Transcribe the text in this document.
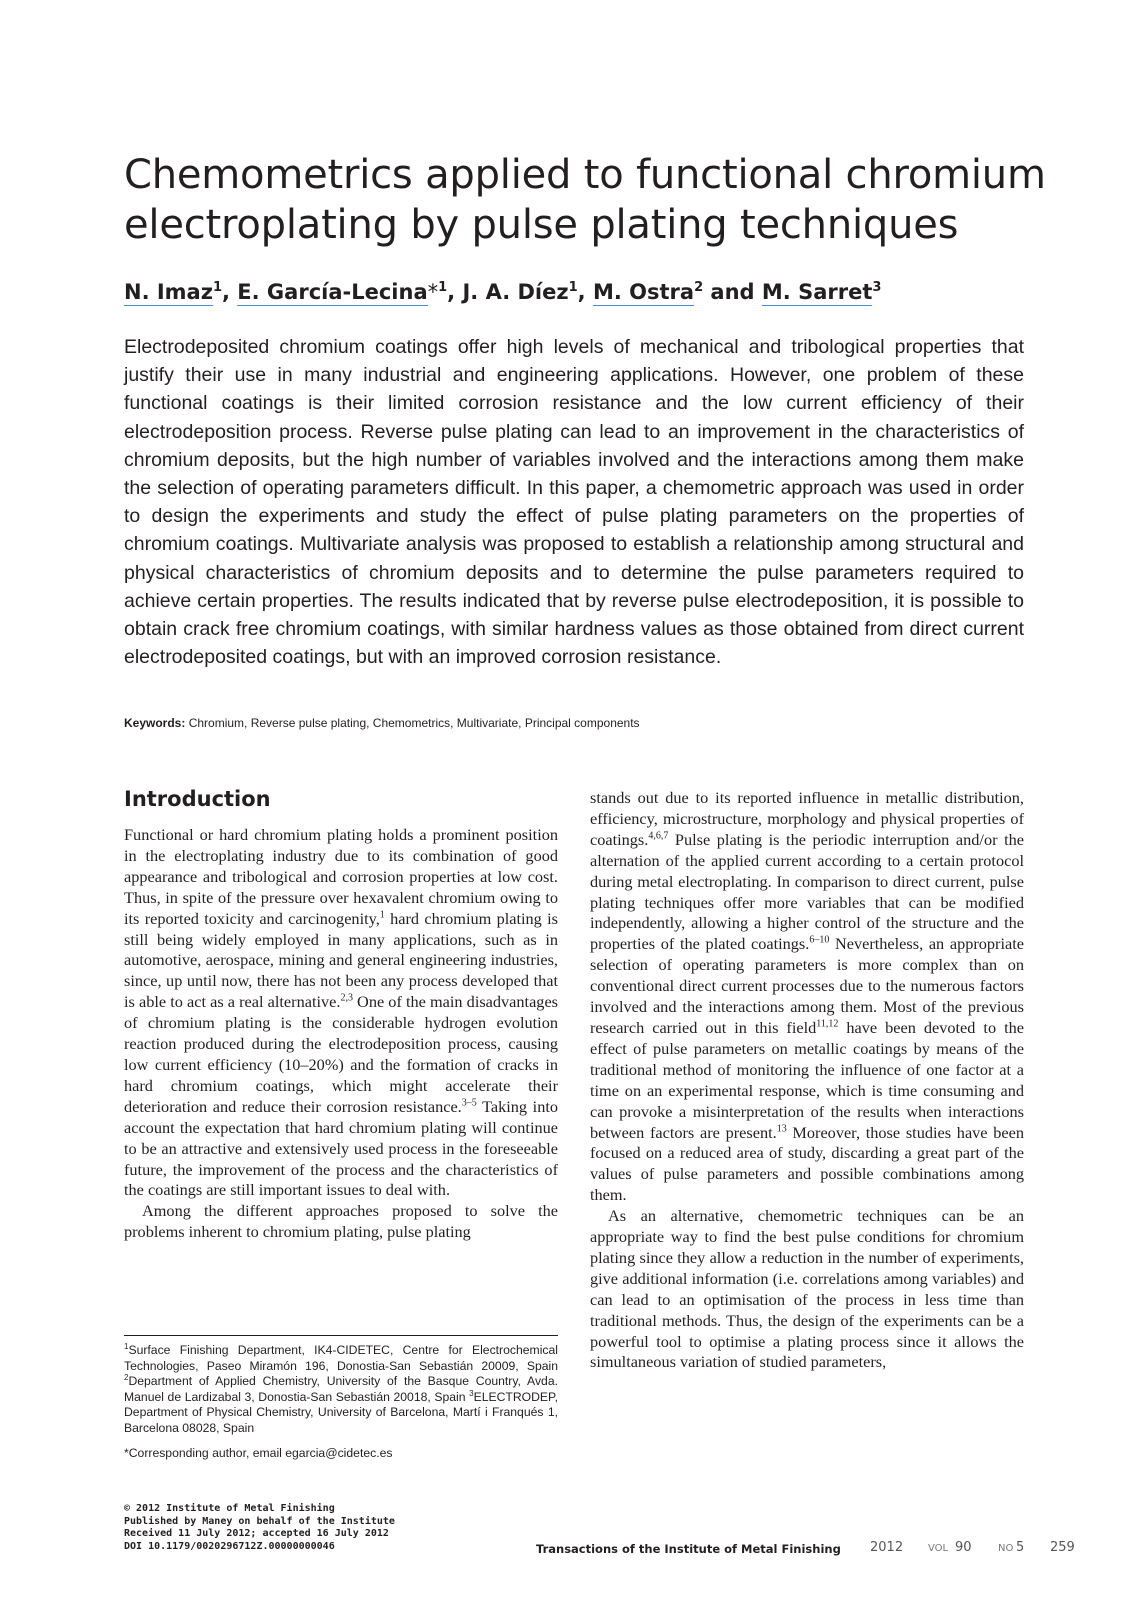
Chemometrics applied to functional chromium
electroplating by pulse plating techniques
N. Imaz$^1$, E. García-Lecina*$^1$, J. A. Díez$^1$, M. Ostra$^2$ and M. Sarret$^3$

Electrodeposited chromium coatings offer high levels of mechanical and tribological properties that justify their use in many industrial and engineering applications. However, one problem of these functional coatings is their limited corrosion resistance and the low current efficiency of their electrodeposition process. Reverse pulse plating can lead to an improvement in the characteristics of chromium deposits, but the high number of variables involved and the interactions among them make the selection of operating parameters difficult. In this paper, a chemometric approach was used in order to design the experiments and study the effect of pulse plating parameters on the properties of chromium coatings. Multivariate analysis was proposed to establish a relationship among structural and physical characteristics of chromium deposits and to determine the pulse parameters required to achieve certain properties. The results indicated that by reverse pulse electrodeposition, it is possible to obtain crack free chromium coatings, with similar hardness values as those obtained from direct current electrodeposited coatings, but with an improved corrosion resistance.

Keywords: Chromium, Reverse pulse plating, Chemometrics, Multivariate, Principal components
Introduction

Functional or hard chromium plating holds a prominent position in the electroplating industry due to its combination of good appearance and tribological and corrosion properties at low cost. Thus, in spite of the pressure over hexavalent chromium owing to its reported toxicity and carcinogenity,$^1$ hard chromium plating is still being widely employed in many applications, such as in automotive, aerospace, mining and general engineering industries, since, up until now, there has not been any process developed that is able to act as a real alternative.$^{2,3}$ One of the main disadvantages of chromium plating is the considerable hydrogen evolution reaction produced during the electrodeposition process, causing low current efficiency (10–20%) and the formation of cracks in hard chromium coatings, which might accelerate their deterioration and reduce their corrosion resistance.$^{3-5}$ Taking into account the expectation that hard chromium plating will continue to be an attractive and extensively used process in the foreseeable future, the improvement of the process and the characteristics of the coatings are still important issues to deal with.

Among the different approaches proposed to solve the problems inherent to chromium plating, pulse plating

stands out due to its reported influence in metallic distribution, efficiency, microstructure, morphology and physical properties of coatings.$^{4,6,7}$ Pulse plating is the periodic interruption and/or the alternation of the applied current according to a certain protocol during metal electroplating. In comparison to direct current, pulse plating techniques offer more variables that can be modified independently, allowing a higher control of the structure and the properties of the plated coatings.$^{6-10}$ Nevertheless, an appropriate selection of operating parameters is more complex than on conventional direct current processes due to the numerous factors involved and the interactions among them. Most of the previous research carried out in this field$^{11,12}$ have been devoted to the effect of pulse parameters on metallic coatings by means of the traditional method of monitoring the influence of one factor at a time on an experimental response, which is time consuming and can provoke a misinterpretation of the results when interactions between factors are present.$^{13}$ Moreover, those studies have been focused on a reduced area of study, discarding a great part of the values of pulse parameters and possible combinations among them.

As an alternative, chemometric techniques can be an appropriate way to find the best pulse conditions for chromium plating since they allow a reduction in the number of experiments, give additional information (i.e. correlations among variables) and can lead to an optimisation of the process in less time than traditional methods. Thus, the design of the experiments can be a powerful tool to optimise a plating process since it allows the simultaneous variation of studied parameters,

$^1$Surface Finishing Department, IK4-CIDETEC, Centre for Electrochemical Technologies, Paseo Miramón 196, Donostia-San Sebastián 20009, Spain $^2$Department of Applied Chemistry, University of the Basque Country, Avda. Manuel de Lardizabal 3, Donostia-San Sebastián 20018, Spain $^3$ELECTRODEP, Department of Physical Chemistry, University of Barcelona, Martí i Franqués 1, Barcelona 08028, Spain

*Corresponding author, email egarcia@cidetec.es

© 2012 Institute of Metal Finishing
Published by Maney on behalf of the Institute
Received 11 July 2012; accepted 16 July 2012
DOI 10.1179/0020296712Z.00000000046	Transactions of the Institute of Metal Finishing 2012 VOL 90	NO 5 259
